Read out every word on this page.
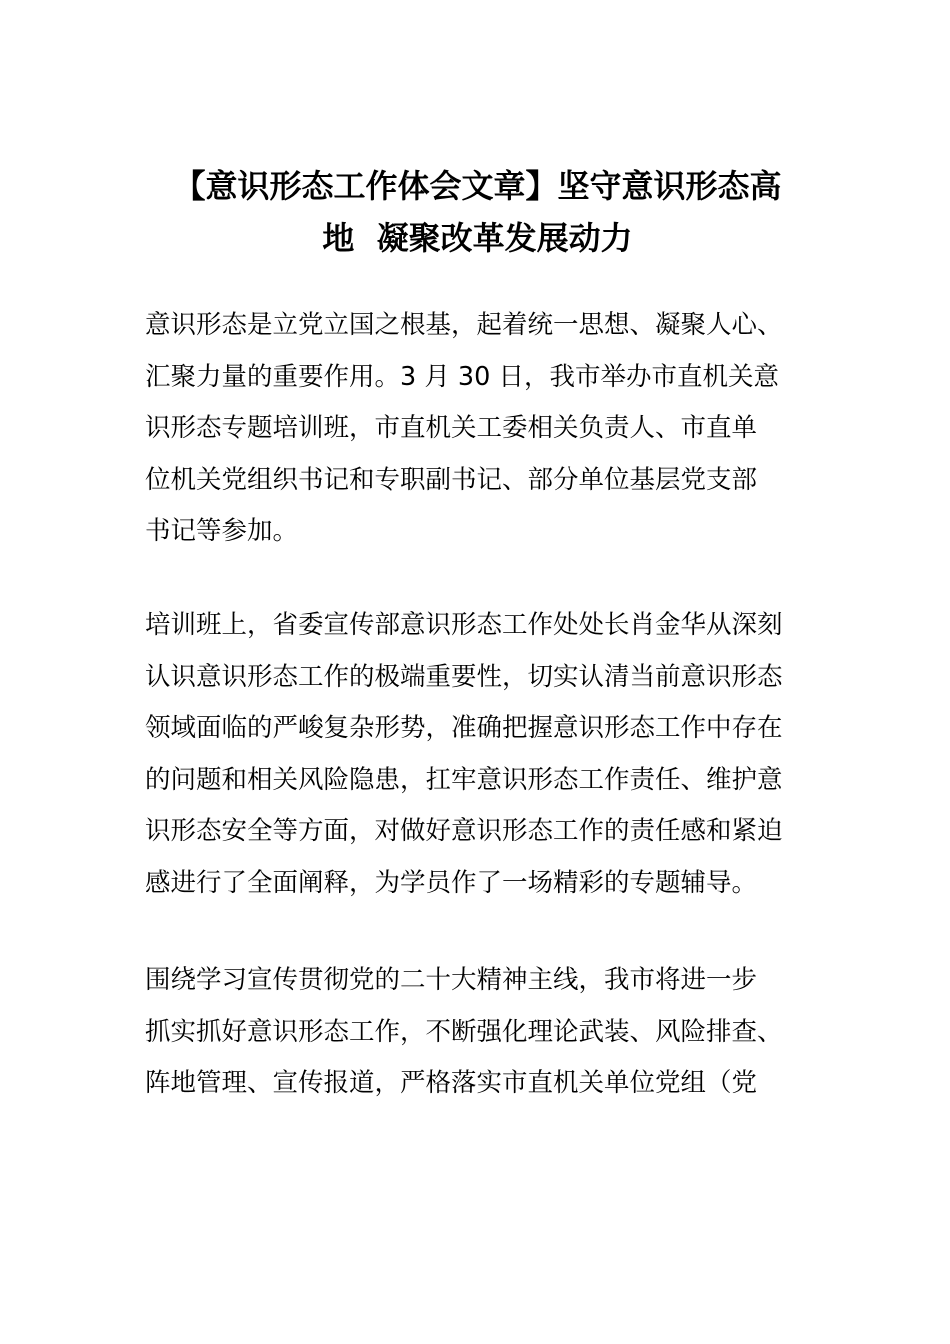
【意识形态工作体会文章】坚守意识形态高
地  凝聚改革发展动力

意识形态是立党立国之根基，起着统一思想、凝聚人心、
汇聚力量的重要作用。3 月 30 日，我市举办市直机关意
识形态专题培训班，市直机关工委相关负责人、市直单
位机关党组织书记和专职副书记、部分单位基层党支部
书记等参加。

培训班上，省委宣传部意识形态工作处处长肖金华从深刻
认识意识形态工作的极端重要性，切实认清当前意识形态
领域面临的严峻复杂形势，准确把握意识形态工作中存在
的问题和相关风险隐患，扛牢意识形态工作责任、维护意
识形态安全等方面，对做好意识形态工作的责任感和紧迫
感进行了全面阐释，为学员作了一场精彩的专题辅导。

围绕学习宣传贯彻党的二十大精神主线，我市将进一步
抓实抓好意识形态工作，不断强化理论武装、风险排查、
阵地管理、宣传报道，严格落实市直机关单位党组（党
